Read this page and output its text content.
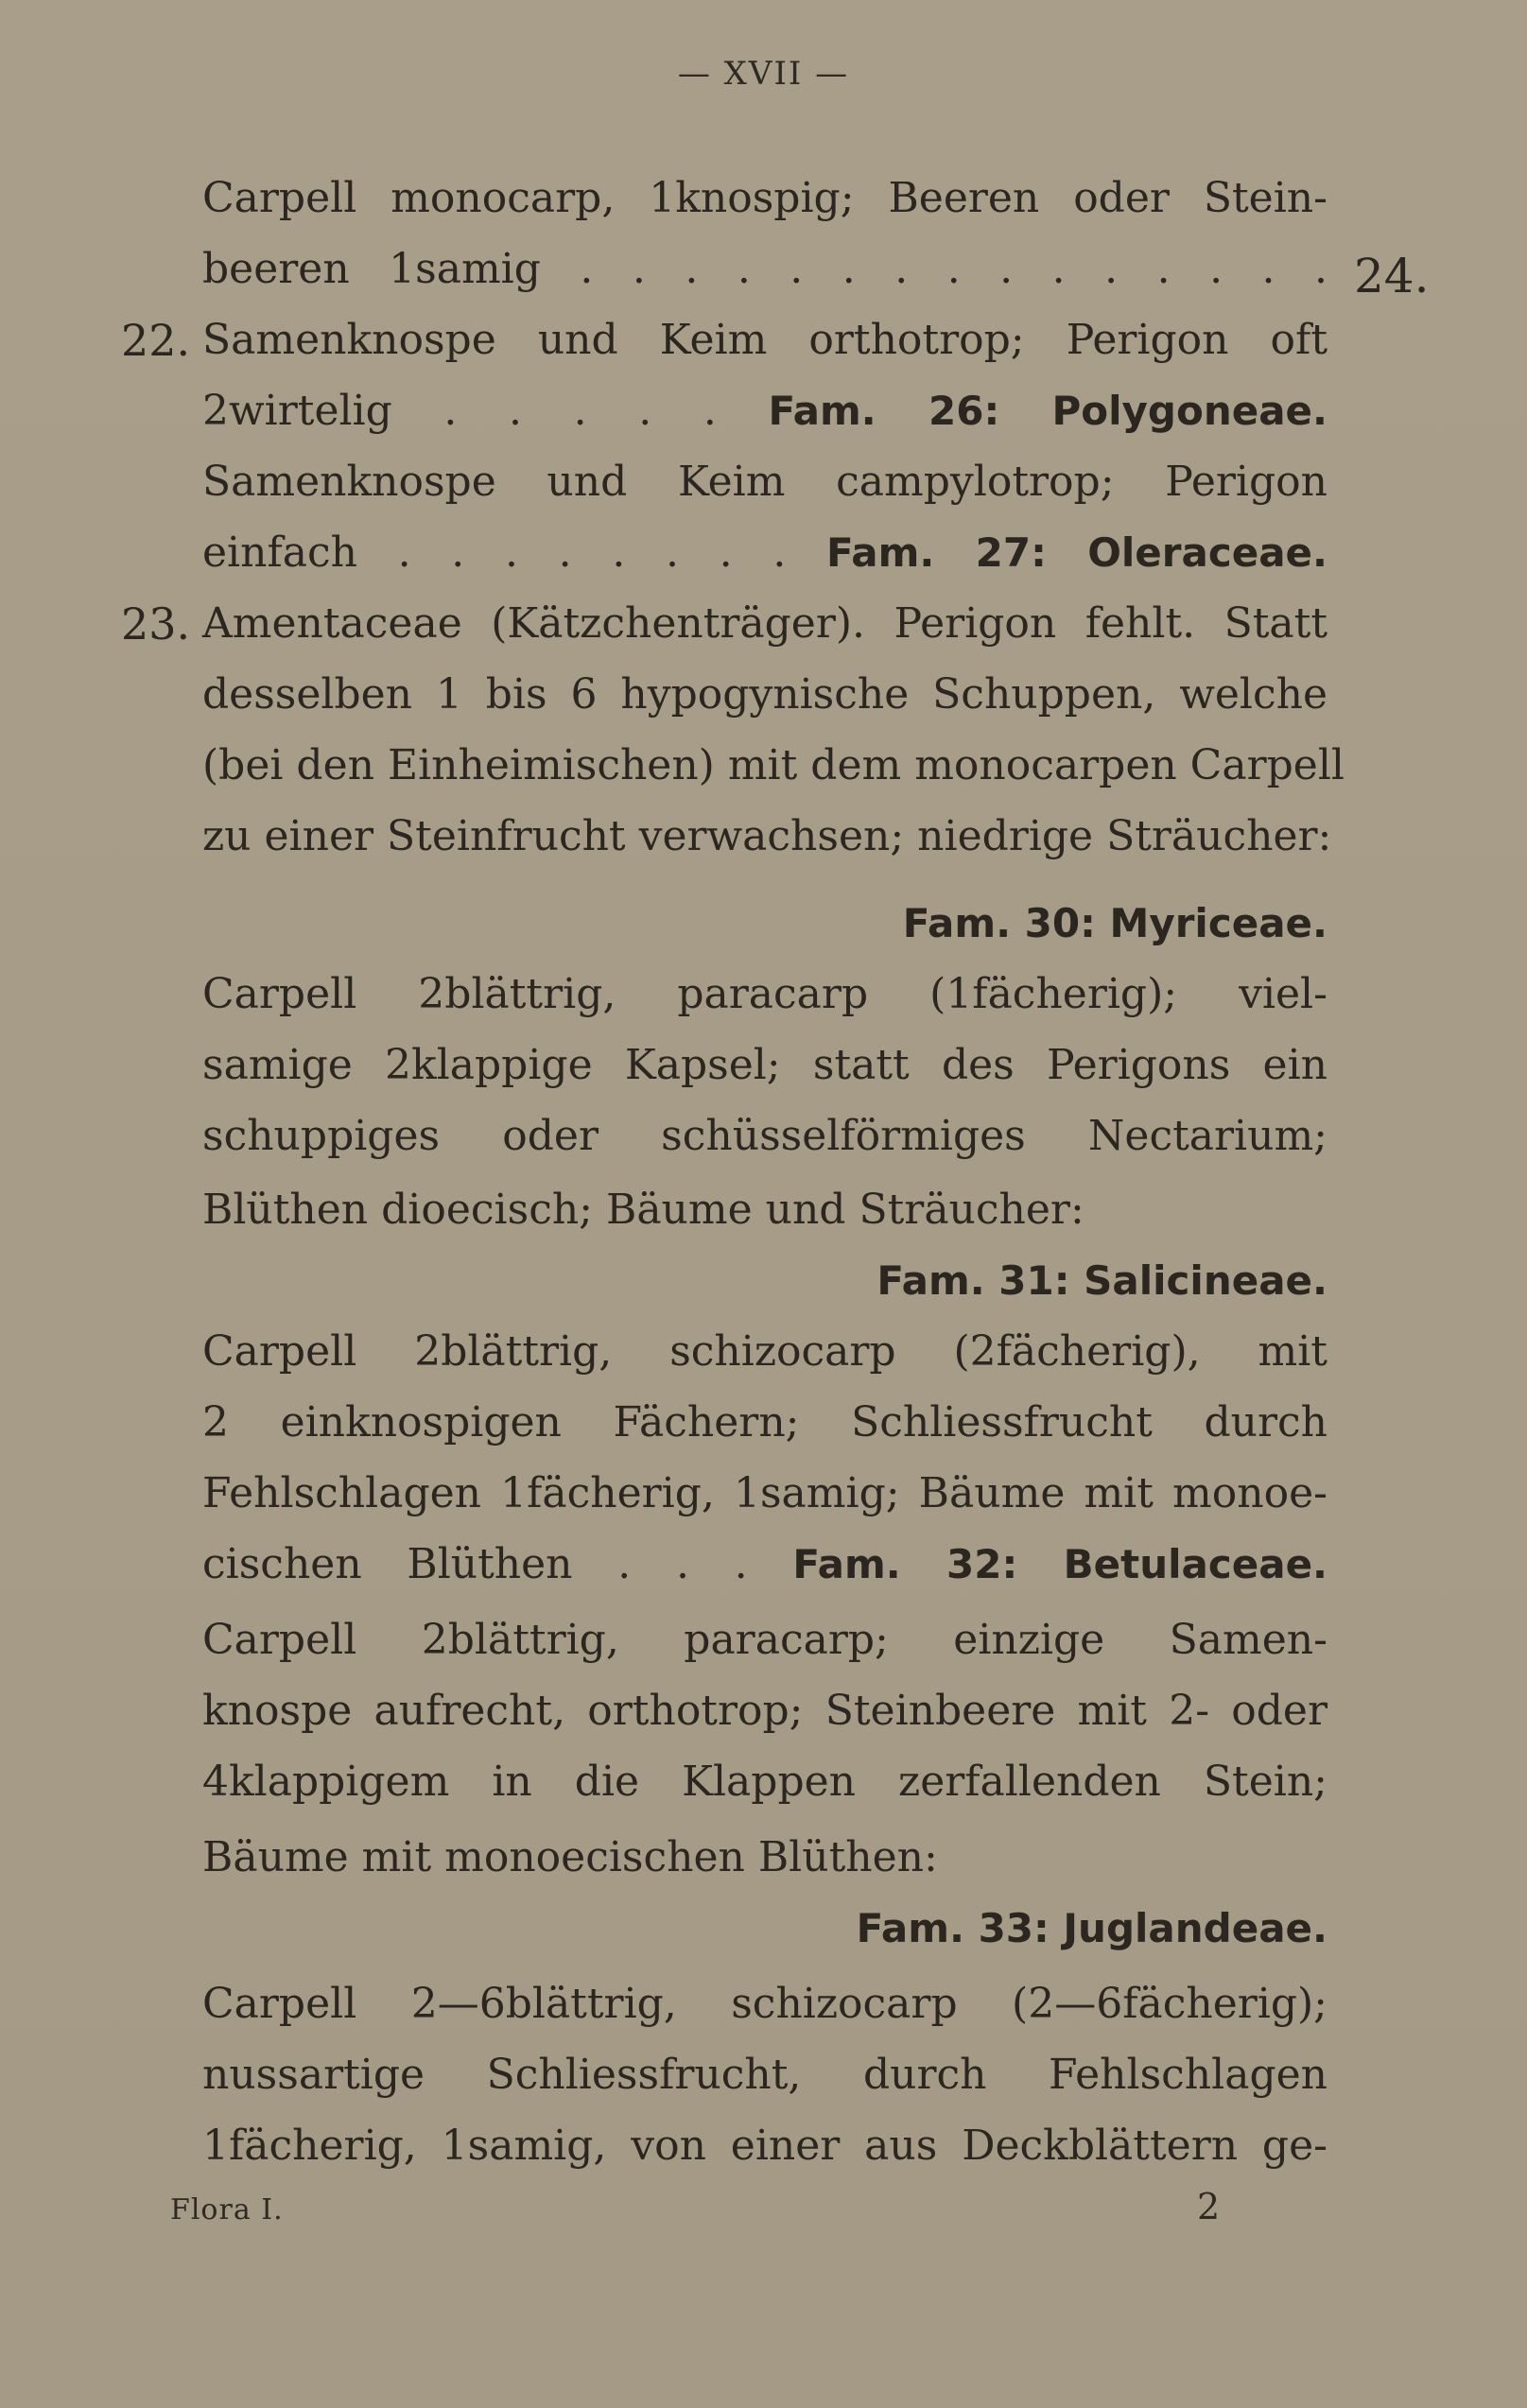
— XVII —
Carpell monocarp, 1knospig; Beeren oder Stein-
beeren 1samig . . . . . . . . . . . . . . . 24.
22. Samenknospe und Keim orthotrop; Perigon oft
2wirtelig . . . . . Fam. 26: Polygoneae.
Samenknospe und Keim campylotrop; Perigon
einfach . . . . . . . . Fam. 27: Oleraceae.
23. Amentaceae (Kätzchenträger). Perigon fehlt. Statt
desselben 1 bis 6 hypogynische Schuppen, welche
(bei den Einheimischen) mit dem monocarpen Carpell
zu einer Steinfrucht verwachsen; niedrige Sträucher:
Fam. 30: Myriceae.
Carpell 2blättrig, paracarp (1fächerig); viel-
samige 2klappige Kapsel; statt des Perigons ein
schuppiges oder schüsselförmiges Nectarium;
Blüthen dioecisch; Bäume und Sträucher:
Fam. 31: Salicineae.
Carpell 2blättrig, schizocarp (2fächerig), mit
2 einknospigen Fächern; Schliessfrucht durch
Fehlschlagen 1fächerig, 1samig; Bäume mit monoe-
cischen Blüthen . . . Fam. 32: Betulaceae.
Carpell 2blättrig, paracarp; einzige Samen-
knospe aufrecht, orthotrop; Steinbeere mit 2- oder
4klappigem in die Klappen zerfallenden Stein;
Bäume mit monoecischen Blüthen:
Fam. 33: Juglandeae.
Carpell 2—6blättrig, schizocarp (2—6fächerig);
nussartige Schliessfrucht, durch Fehlschlagen
1fächerig, 1samig, von einer aus Deckblättern ge-
Flora I.	2
